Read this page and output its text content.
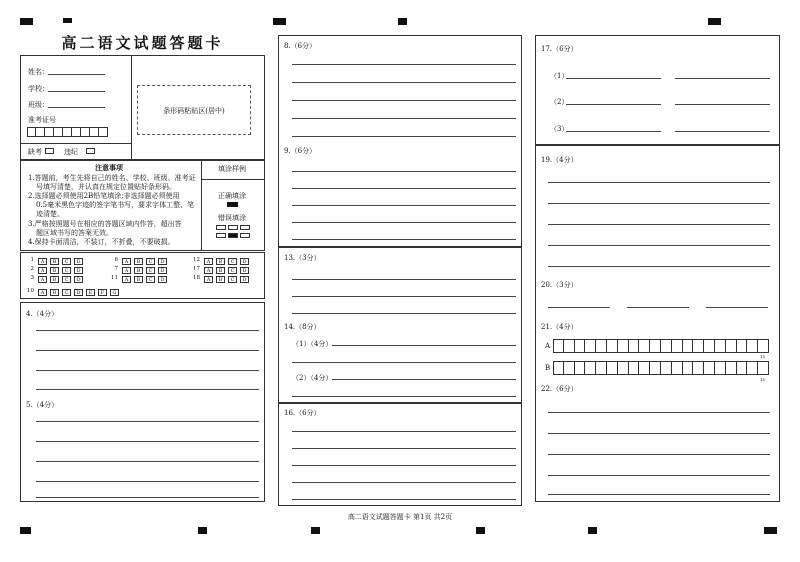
高二语文试题答题卡
姓名：
学校：
班级：
准考证号
条形码粘贴区(居中)
缺考	违纪
注意事项
1.答题前，考生先将自己的姓名、学校、班级、准考证
号填写清楚，并认真在规定位置贴好条形码。
2.选择题必须使用2B铅笔填涂;非选择题必须使用
0.5毫米黑色字迹的签字笔书写，要求字体工整、笔
迹清楚。
3.严格按照题号在相应的答题区域内作答，超出答
题区域书写的答案无效。
4.保持卡面清洁，不装订，不折叠，不要破损。
填涂样例
正确填涂
错误填涂
1	A	B	C	D
2	A	B	C	D
3	A	B	C	D
6	A	B	C	D
7	A	B	C	D
11	A	B	C	D
12	A	B	C	D
17	A	B	C	D
18	A	B	C	D
10	A	B	C	D	E	F	G
4.（4分）
5.（4分）
8.（6分）
9.（6分）
13.（3分）
14.（8分）
（1）（4分）
（2）（4分）
16.（6分）
17.（6分）
（1）
（2）
（3）
19.（4分）
20.（3分）
21.（4分）
A
15
B
15
22.（6分）
高二语文试题答题卡 第1页 共2页
